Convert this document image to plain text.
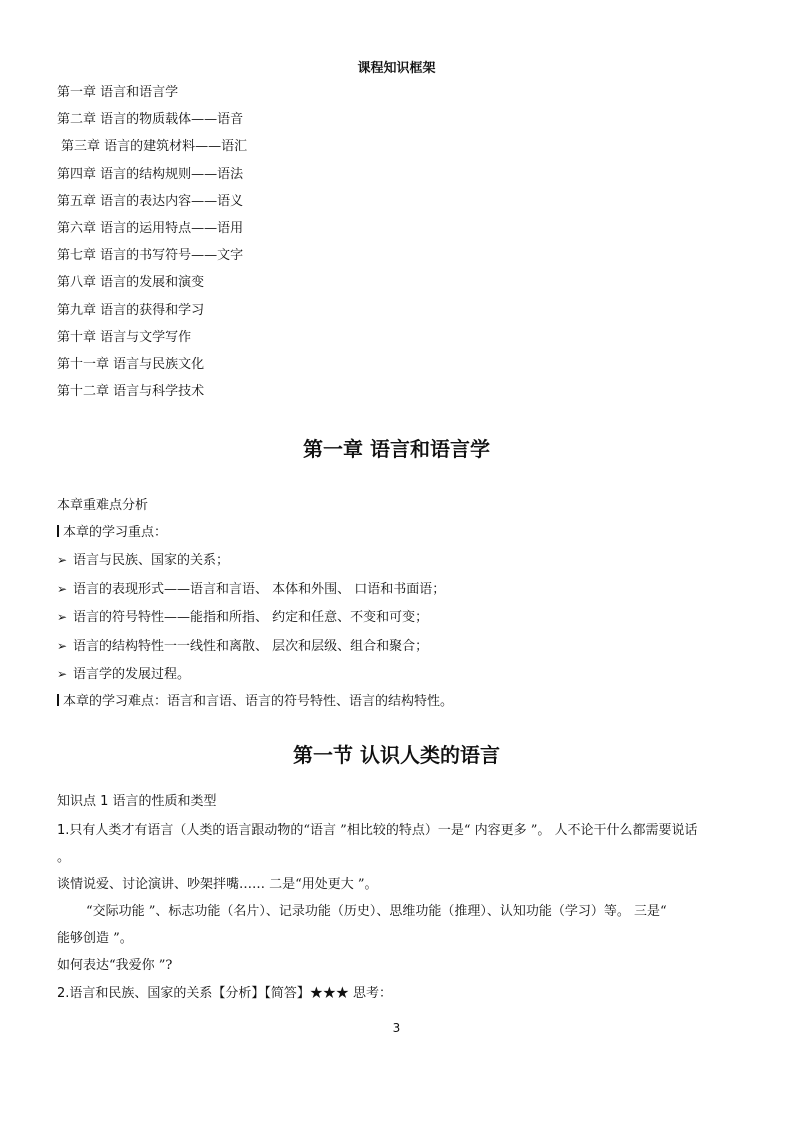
课程知识框架
第一章 语言和语言学
第二章 语言的物质载体——语音
第三章 语言的建筑材料——语汇
第四章 语言的结构规则——语法
第五章 语言的表达内容——语义
第六章 语言的运用特点——语用
第七章 语言的书写符号——文字
第八章 语言的发展和演变
第九章 语言的获得和学习
第十章 语言与文学写作
第十一章 语言与民族文化
第十二章 语言与科学技术
第一章 语言和语言学
本章重难点分析
本章的学习重点：
➢ 语言与民族、国家的关系；
➢ 语言的表现形式——语言和言语、 本体和外围、 口语和书面语；
➢ 语言的符号特性——能指和所指、 约定和任意、不变和可变；
➢ 语言的结构特性一一线性和离散、 层次和层级、组合和聚合；
➢ 语言学的发展过程。
本章的学习难点：语言和言语、语言的符号特性、语言的结构特性。
第一节 认识人类的语言
知识点 1 语言的性质和类型
1.只有人类才有语言（人类的语言跟动物的“语言 ”相比较的特点）一是“ 内容更多 ”。 人不论干什么都需要说话
。
谈情说爱、讨论演讲、吵架拌嘴…… 二是“用处更大 ”。
“交际功能 ”、标志功能（名片）、记录功能（历史）、思维功能（推理）、认知功能（学习）等。 三是“
能够创造 ”。
如何表达“我爱你 ”?
2.语言和民族、国家的关系【分析】【简答】★★★ 思考：
3
